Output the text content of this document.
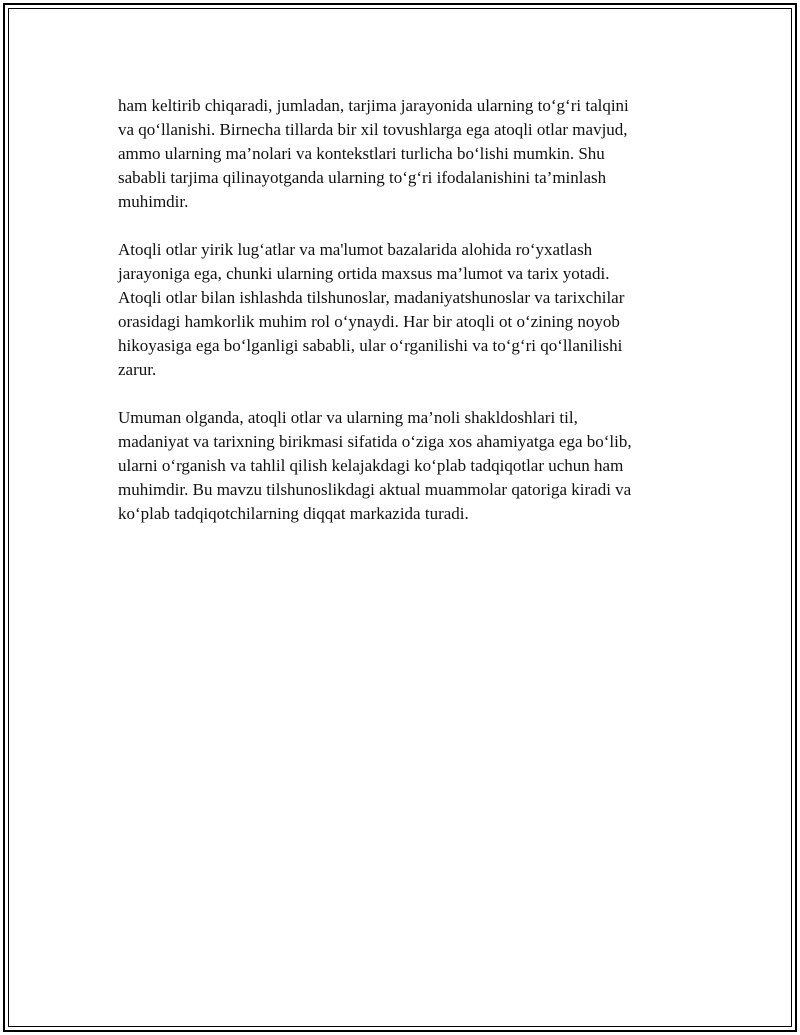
ham keltirib chiqaradi, jumladan, tarjima jarayonida ularning to‘g‘ri talqini
va qo‘llanishi. Birnecha tillarda bir xil tovushlarga ega atoqli otlar mavjud,
ammo ularning ma’nolari va kontekstlari turlicha bo‘lishi mumkin. Shu
sababli tarjima qilinayotganda ularning to‘g‘ri ifodalanishini ta’minlash
muhimdir.

Atoqli otlar yirik lug‘atlar va ma'lumot bazalarida alohida ro‘yxatlash
jarayoniga ega, chunki ularning ortida maxsus ma’lumot va tarix yotadi.
Atoqli otlar bilan ishlashda tilshunoslar, madaniyatshunoslar va tarixchilar
orasidagi hamkorlik muhim rol o‘ynaydi. Har bir atoqli ot o‘zining noyob
hikoyasiga ega bo‘lganligi sababli, ular o‘rganilishi va to‘g‘ri qo‘llanilishi
zarur.

Umuman olganda, atoqli otlar va ularning ma’noli shakldoshlari til,
madaniyat va tarixning birikmasi sifatida o‘ziga xos ahamiyatga ega bo‘lib,
ularni o‘rganish va tahlil qilish kelajakdagi ko‘plab tadqiqotlar uchun ham
muhimdir. Bu mavzu tilshunoslikdagi aktual muammolar qatoriga kiradi va
ko‘plab tadqiqotchilarning diqqat markazida turadi.
